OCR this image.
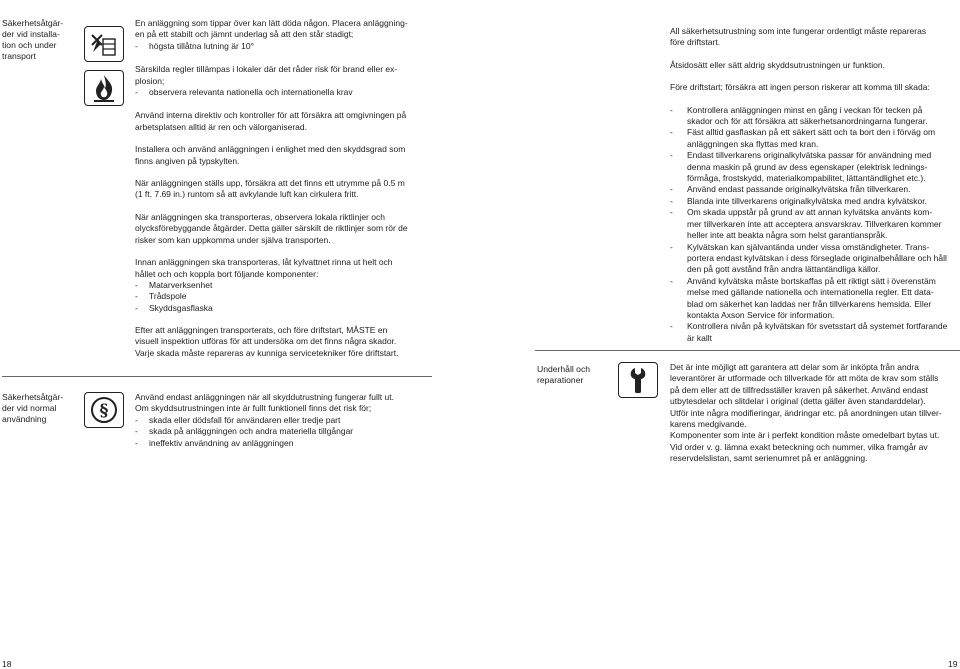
Säkerhetsåtgär-
der vid installa-
tion och under
transport

En anläggning som tippar över kan lätt döda någon. Placera anläggning-

en på ett stabilt och jämnt underlag så att den står stadigt;

- högsta tillåtna lutning är 10°

Särskilda regler tillämpas i lokaler där det råder risk för brand eller ex-

plosion;

- observera relevanta nationella och internationella krav

Använd interna direktiv och kontroller för att försäkra att omgivningen på

arbetsplatsen alltid är ren och välorganiserad.

Installera och använd anläggningen i enlighet med den skyddsgrad som

finns angiven på typskylten.

När anläggningen ställs upp, försäkra att det finns ett utrymme på 0.5 m

(1 ft. 7.69 in.) runtom så att avkylande luft kan cirkulera fritt.

När anläggningen ska transporteras, observera lokala riktlinjer och

olycksförebyggande åtgärder. Detta gäller särskilt de riktlinjer som rör de

risker som kan uppkomma under själva transporten.

Innan anläggningen ska transporteras, låt kylvattnet rinna ut helt och

hållet och och koppla bort följande komponenter:

- Matarverksenhet
- Trådspole
- Skyddsgasflaska

Efter att anläggningen transporterats, och före driftstart, MÅSTE en

visuell inspektion utföras för att undersöka om det finns några skador.

Varje skada måste repareras av kunniga servicetekniker före driftstart.

Säkerhetsåtgär-
der vid normal
användning	§

Använd endast anläggningen när all skyddutrustning fungerar fullt ut.

Om skyddsutrustningen inte är fullt funktionell finns det risk för;

- skada eller dödsfall för användaren eller tredje part
- skada på anläggningen och andra materiella tillgångar
- ineffektiv användning av anläggningen
18

All säkerhetsutrustning som inte fungerar ordentligt måste repareras

före driftstart.

Åtsidosätt eller sätt aldrig skyddsutrustningen ur funktion.

Före driftstart; försäkra att ingen person riskerar att komma till skada:

- Kontrollera anläggningen minst en gång i veckan för tecken på
skador och för att försäkra att säkerhetsanordningarna fungerar.
- Fäst alltid gasflaskan på ett säkert sätt och ta bort den i förväg om
anläggningen ska flyttas med kran.
- Endast tillverkarens originalkylvätska passar för användning med
denna maskin på grund av dess egenskaper (elektrisk lednings-
förmåga, frostskydd, materialkompabilitet, lättantändlighet etc.).
- Använd endast passande originalkylvätska från tillverkaren.
- Blanda inte tillverkarens originalkylvätska med andra kylvätskor.
- Om skada uppstår på grund av att annan kylvätska använts kom-
mer tillverkaren inte att acceptera ansvarskrav. Tillverkaren kommer
heller inte att beakta några som helst garantianspråk.
- Kylvätskan kan självantända under vissa omständigheter. Trans-
portera endast kylvätskan i dess förseglade originalbehållare och håll
den på gott avstånd från andra lättantändliga källor.
- Använd kylvätska måste bortskaffas på ett riktigt sätt i överenstäm
melse med gällande nationella och internationella regler. Ett data-
blad om säkerhet kan laddas ner från tillverkarens hemsida. Eller
kontakta Axson Service för information.
- Kontrollera nivån på kylvätskan för svetsstart då systemet fortfarande
är kallt
Underhåll och
reparationer

Det är inte möjligt att garantera att delar som är inköpta från andra

leverantörer är utformade och tillverkade för att möta de krav som ställs

på dem eller att de tillfredsställer kraven på säkerhet. Använd endast

utbytesdelar och slitdelar i original (detta gäller även standarddelar).

Utför inte några modifieringar, ändringar etc. på anordningen utan tillver-

karens medgivande.

Komponenter som inte är i perfekt kondition måste omedelbart bytas ut.

Vid order v. g. lämna exakt beteckning och nummer, vilka framgår av

reservdelslistan, samt serienumret på er anläggning.

19
